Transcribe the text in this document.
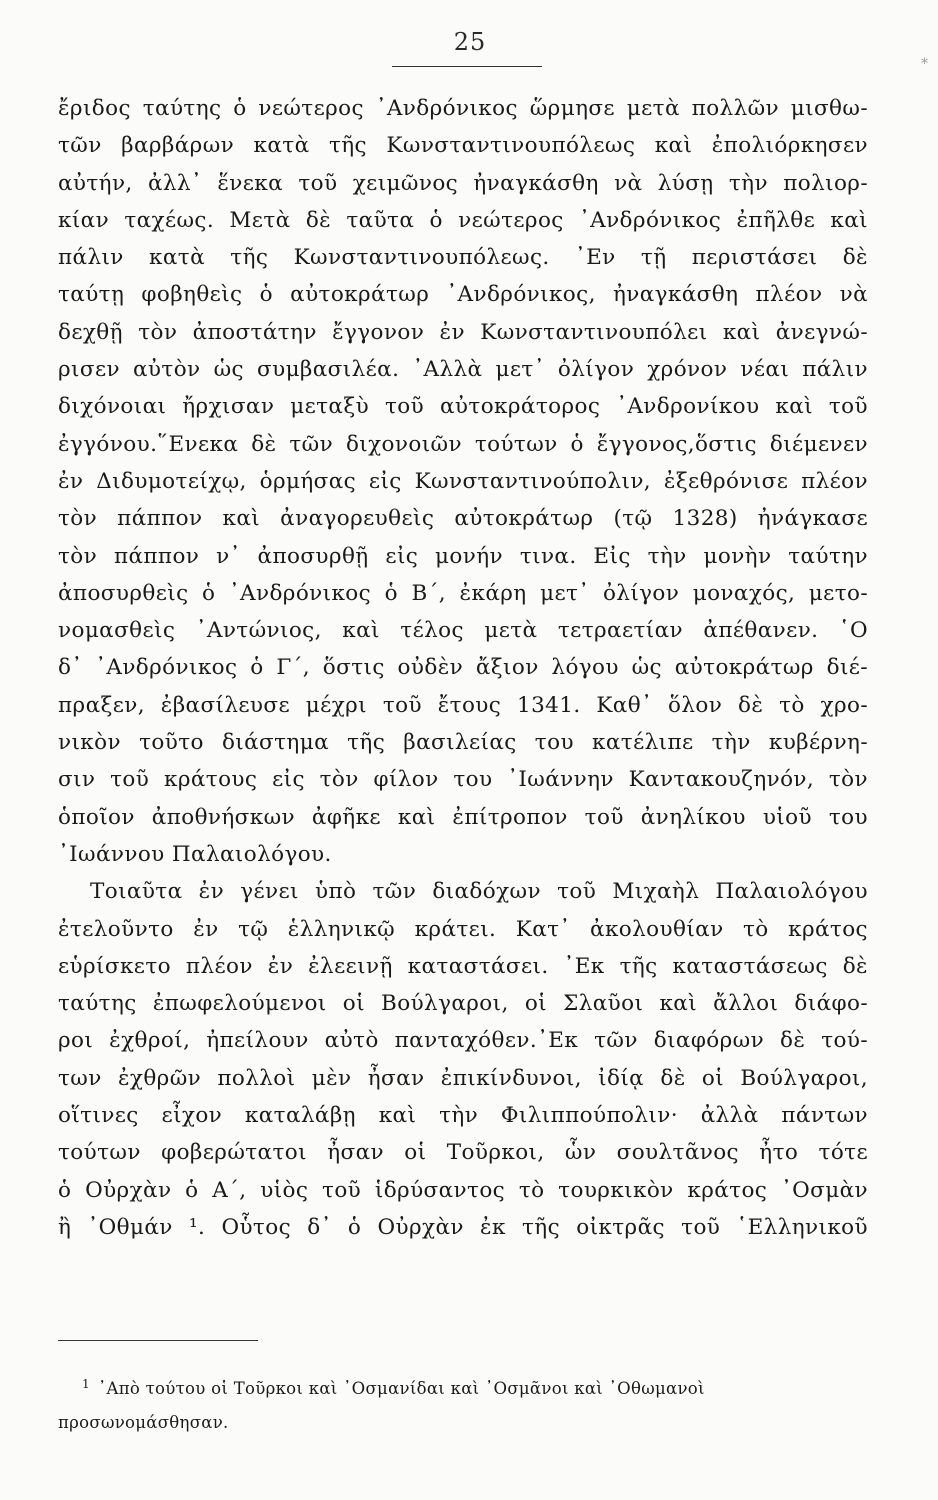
25
*
ἔριδος ταύτης ὁ νεώτερος ᾿Ανδρόνικος ὥρμησε μετὰ πολλῶν μισθω-
τῶν βαρβάρων κατὰ τῆς Κωνσταντινουπόλεως καὶ ἐπολιόρκησεν
αὐτήν, ἀλλ᾿ ἕνεκα τοῦ χειμῶνος ἠναγκάσθη νὰ λύσῃ τὴν πολιορ-
κίαν ταχέως. Μετὰ δὲ ταῦτα ὁ νεώτερος ᾿Ανδρόνικος ἐπῆλθε καὶ
πάλιν κατὰ τῆς Κωνσταντινουπόλεως. ᾿Εν τῇ περιστάσει δὲ
ταύτῃ φοβηθεὶς ὁ αὐτοκράτωρ ᾿Ανδρόνικος, ἠναγκάσθη πλέον νὰ
δεχθῇ τὸν ἀποστάτην ἔγγονον ἐν Κωνσταντινουπόλει καὶ ἀνεγνώ-
ρισεν αὐτὸν ὡς συμβασιλέα. ᾿Αλλὰ μετ᾿ ὀλίγον χρόνον νέαι πάλιν
διχόνοιαι ἤρχισαν μεταξὺ τοῦ αὐτοκράτορος ᾿Ανδρονίκου καὶ τοῦ
ἐγγόνου.῞Ενεκα δὲ τῶν διχονοιῶν τούτων ὁ ἔγγονος,ὅστις διέμενεν
ἐν Διδυμοτείχῳ, ὁρμήσας εἰς Κωνσταντινούπολιν, ἐξεθρόνισε πλέον
τὸν πάππον καὶ ἀναγορευθεὶς αὐτοκράτωρ (τῷ 1328) ἠνάγκασε
τὸν πάππον ν᾿ ἀποσυρθῇ εἰς μονήν τινα. Εἰς τὴν μονὴν ταύτην
ἀποσυρθεὶς ὁ ᾿Ανδρόνικος ὁ Β΄, ἐκάρη μετ᾿ ὀλίγον μοναχός, μετο-
νομασθεὶς ᾿Αντώνιος, καὶ τέλος μετὰ τετραετίαν ἀπέθανεν. ῾Ο
δ᾿ ᾿Ανδρόνικος ὁ Γ΄, ὅστις οὐδὲν ἄξιον λόγου ὡς αὐτοκράτωρ διέ-
πραξεν, ἐβασίλευσε μέχρι τοῦ ἔτους 1341. Καθ᾿ ὅλον δὲ τὸ χρο-
νικὸν τοῦτο διάστημα τῆς βασιλείας του κατέλιπε τὴν κυβέρνη-
σιν τοῦ κράτους εἰς τὸν φίλον του ᾿Ιωάννην Καντακουζηνόν, τὸν
ὁποῖον ἀποθνήσκων ἀφῆκε καὶ ἐπίτροπον τοῦ ἀνηλίκου υἱοῦ του
᾿Ιωάννου Παλαιολόγου.
Τοιαῦτα ἐν γένει ὑπὸ τῶν διαδόχων τοῦ Μιχαὴλ Παλαιολόγου
ἐτελοῦντο ἐν τῷ ἑλληνικῷ κράτει. Κατ᾿ ἀκολουθίαν τὸ κράτος
εὑρίσκετο πλέον ἐν ἐλεεινῇ καταστάσει. ᾿Εκ τῆς καταστάσεως δὲ
ταύτης ἐπωφελούμενοι οἱ Βούλγαροι, οἱ Σλαῦοι καὶ ἄλλοι διάφο-
ροι ἐχθροί, ἠπείλουν αὐτὸ πανταχόθεν.᾿Εκ τῶν διαφόρων δὲ τού-
των ἐχθρῶν πολλοὶ μὲν ἦσαν ἐπικίνδυνοι, ἰδίᾳ δὲ οἱ Βούλγαροι,
οἵτινες εἶχον καταλάβῃ καὶ τὴν Φιλιππούπολιν· ἀλλὰ πάντων
τούτων φοβερώτατοι ἦσαν οἱ Τοῦρκοι, ὧν σουλτᾶνος ἦτο τότε
ὁ Οὐρχὰν ὁ Α΄, υἱὸς τοῦ ἱδρύσαντος τὸ τουρκικὸν κράτος ᾿Οσμὰν
ἢ ᾿Οθμάν ¹. Οὗτος δ᾿ ὁ Οὐρχὰν ἐκ τῆς οἰκτρᾶς τοῦ ῾Ελληνικοῦ
$^1$ ᾿Απὸ τούτου οἱ Τοῦρκοι καὶ ᾿Οσμανίδαι καὶ ᾿Οσμᾶνοι καὶ ᾿Οθωμανοὶ
προσωνομάσθησαν.
